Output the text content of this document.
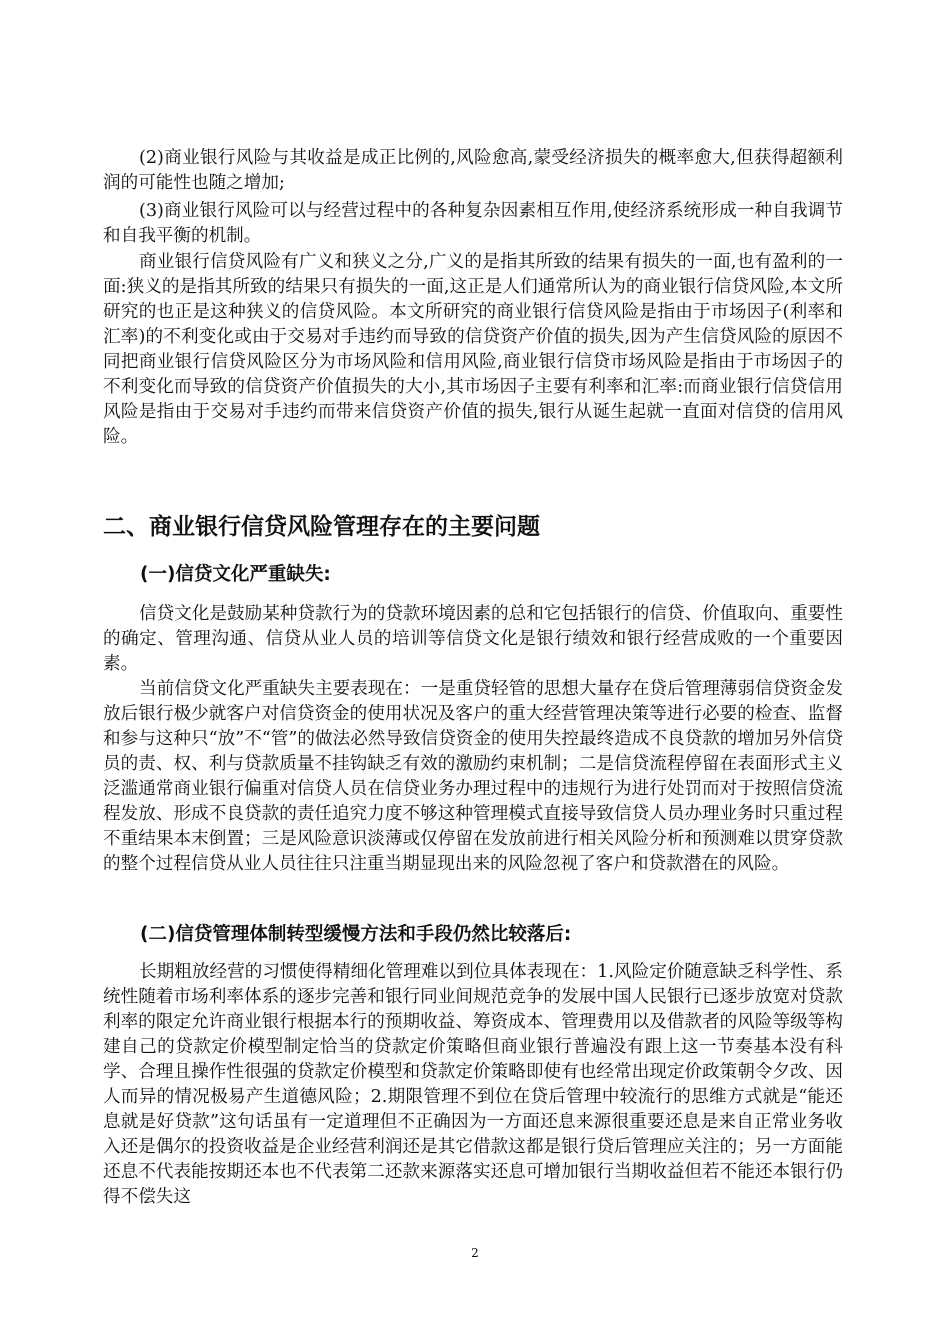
(2)商业银行风险与其收益是成正比例的,风险愈高,蒙受经济损失的概率愈大,但获得超额利润的可能性也随之增加;

(3)商业银行风险可以与经营过程中的各种复杂因素相互作用,使经济系统形成一种自我调节和自我平衡的机制。

商业银行信贷风险有广义和狭义之分,广义的是指其所致的结果有损失的一面,也有盈利的一面:狭义的是指其所致的结果只有损失的一面,这正是人们通常所认为的商业银行信贷风险,本文所研究的也正是这种狭义的信贷风险。本文所研究的商业银行信贷风险是指由于市场因子(利率和汇率)的不利变化或由于交易对手违约而导致的信贷资产价值的损失,因为产生信贷风险的原因不同把商业银行信贷风险区分为市场风险和信用风险,商业银行信贷市场风险是指由于市场因子的不利变化而导致的信贷资产价值损失的大小,其市场因子主要有利率和汇率:而商业银行信贷信用风险是指由于交易对手违约而带来信贷资产价值的损失,银行从诞生起就一直面对信贷的信用风险。

二、商业银行信贷风险管理存在的主要问题
(一)信贷文化严重缺失:

信贷文化是鼓励某种贷款行为的贷款环境因素的总和它包括银行的信贷、价值取向、重要性的确定、管理沟通、信贷从业人员的培训等信贷文化是银行绩效和银行经营成败的一个重要因素。

当前信贷文化严重缺失主要表现在：一是重贷轻管的思想大量存在贷后管理薄弱信贷资金发放后银行极少就客户对信贷资金的使用状况及客户的重大经营管理决策等进行必要的检查、监督和参与这种只“放”不“管”的做法必然导致信贷资金的使用失控最终造成不良贷款的增加另外信贷员的责、权、利与贷款质量不挂钩缺乏有效的激励约束机制；二是信贷流程停留在表面形式主义泛滥通常商业银行偏重对信贷人员在信贷业务办理过程中的违规行为进行处罚而对于按照信贷流程发放、形成不良贷款的责任追究力度不够这种管理模式直接导致信贷人员办理业务时只重过程不重结果本末倒置；三是风险意识淡薄或仅停留在发放前进行相关风险分析和预测难以贯穿贷款的整个过程信贷从业人员往往只注重当期显现出来的风险忽视了客户和贷款潜在的风险。

(二)信贷管理体制转型缓慢方法和手段仍然比较落后:

长期粗放经营的习惯使得精细化管理难以到位具体表现在：1.风险定价随意缺乏科学性、系统性随着市场利率体系的逐步完善和银行同业间规范竞争的发展中国人民银行已逐步放宽对贷款利率的限定允许商业银行根据本行的预期收益、筹资成本、管理费用以及借款者的风险等级等构建自己的贷款定价模型制定恰当的贷款定价策略但商业银行普遍没有跟上这一节奏基本没有科学、合理且操作性很强的贷款定价模型和贷款定价策略即使有也经常出现定价政策朝令夕改、因人而异的情况极易产生道德风险；2.期限管理不到位在贷后管理中较流行的思维方式就是“能还息就是好贷款”这句话虽有一定道理但不正确因为一方面还息来源很重要还息是来自正常业务收入还是偶尔的投资收益是企业经营利润还是其它借款这都是银行贷后管理应关注的；另一方面能还息不代表能按期还本也不代表第二还款来源落实还息可增加银行当期收益但若不能还本银行仍得不偿失这

2
